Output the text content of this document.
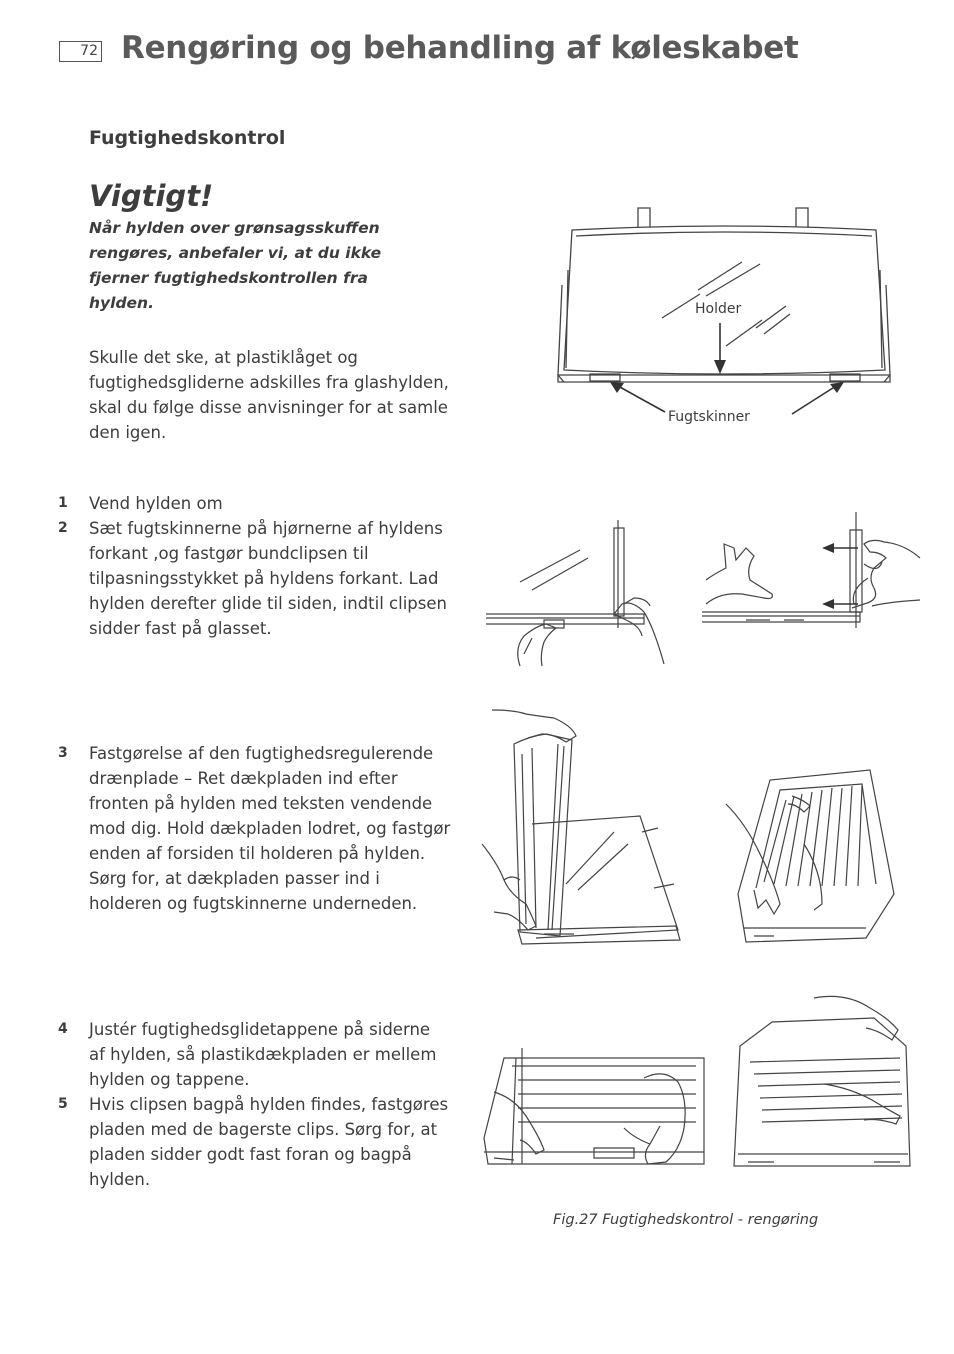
72 Rengøring og behandling af køleskabet
Fugtighedskontrol
Vigtigt!

Når hylden over grønsagsskuffen rengøres, anbefaler vi, at du ikke fjerner fugtighedskontrollen fra hylden.

Skulle det ske, at plastiklåget og fugtighedsgliderne adskilles fra glashylden, skal du følge disse anvisninger for at samle den igen.

1 Vend hylden om

2 Sæt fugtskinnerne på hjørnerne af hyldens forkant ,og fastgør bundclipsen til tilpasningsstykket på hyldens forkant. Lad hylden derefter glide til siden, indtil clipsen sidder fast på glasset.

3 Fastgørelse af den fugtighedsregulerende drænplade – Ret dækpladen ind efter fronten på hylden med teksten vendende mod dig. Hold dækpladen lodret, og fastgør enden af forsiden til holderen på hylden. Sørg for, at dækpladen passer ind i holderen og fugtskinnerne underneden.

4 Justér fugtighedsglidetappene på siderne af hylden, så plastikdækpladen er mellem hylden og tappene.

5 Hvis clipsen bagpå hylden findes, fastgøres pladen med de bagerste clips. Sørg for, at pladen sidder godt fast foran og bagpå hylden.

Holder
Fugtskinner

Fig.27 Fugtighedskontrol - rengøring
